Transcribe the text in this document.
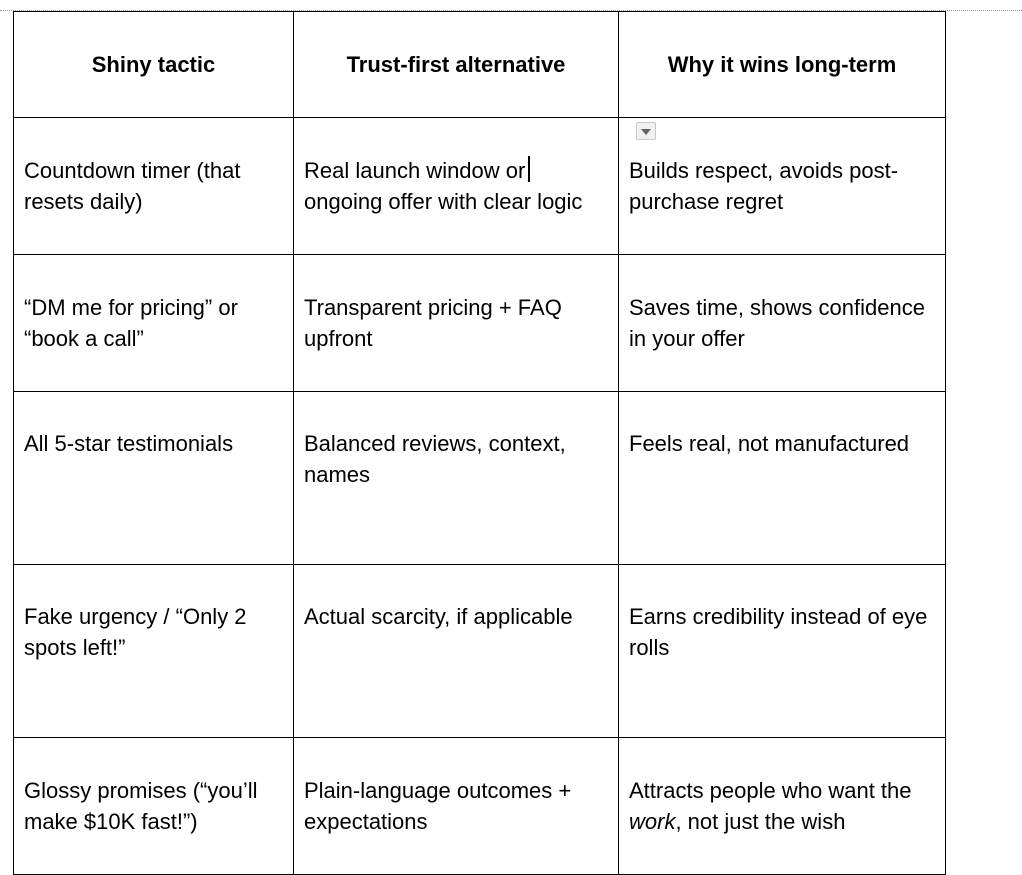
Shiny tactic	Trust-first alternative	Why it wins long-term
Countdown timer (that resets daily)	Real launch window or ongoing offer with clear logic	Builds respect, avoids post-purchase regret
“DM me for pricing” or “book a call”	Transparent pricing + FAQ upfront	Saves time, shows confidence in your offer
All 5-star testimonials	Balanced reviews, context, names	Feels real, not manufactured
Fake urgency / “Only 2 spots left!”	Actual scarcity, if applicable	Earns credibility instead of eye rolls
Glossy promises (“you’ll make $10K fast!”)	Plain-language outcomes + expectations	Attracts people who want the work, not just the wish
